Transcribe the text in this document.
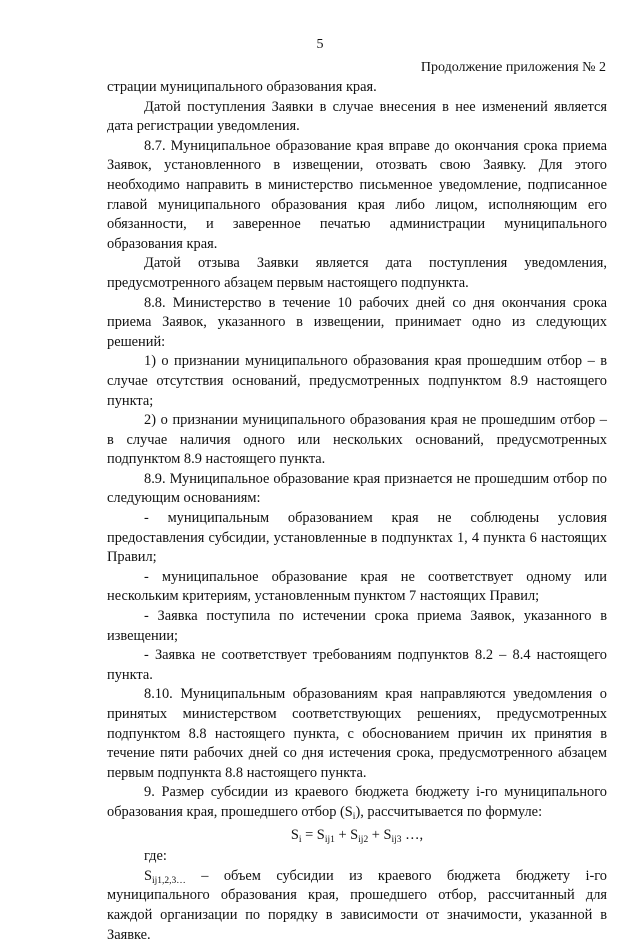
5
Продолжение приложения № 2

страции муниципального образования края.

Датой поступления Заявки в случае внесения в нее изменений является дата регистрации уведомления.

8.7. Муниципальное образование края вправе до окончания срока приема Заявок, установленного в извещении, отозвать свою Заявку. Для этого необходимо направить в министерство письменное уведомление, подписанное главой муниципального образования края либо лицом, исполняющим его обязанности, и заверенное печатью администрации муниципального образования края.

Датой отзыва Заявки является дата поступления уведомления, предусмотренного абзацем первым настоящего подпункта.

8.8. Министерство в течение 10 рабочих дней со дня окончания срока приема Заявок, указанного в извещении, принимает одно из следующих решений:

1) о признании муниципального образования края прошедшим отбор – в случае отсутствия оснований, предусмотренных подпунктом 8.9 настоящего пункта;

2) о признании муниципального образования края не прошедшим отбор – в случае наличия одного или нескольких оснований, предусмотренных подпунктом 8.9 настоящего пункта.

8.9. Муниципальное образование края признается не прошедшим отбор по следующим основаниям:

- муниципальным образованием края не соблюдены условия предоставления субсидии, установленные в подпунктах 1, 4 пункта 6 настоящих Правил;

- муниципальное образование края не соответствует одному или нескольким критериям, установленным пунктом 7 настоящих Правил;

- Заявка поступила по истечении срока приема Заявок, указанного в извещении;

- Заявка не соответствует требованиям подпунктов 8.2 – 8.4 настоящего пункта.

8.10. Муниципальным образованиям края направляются уведомления о принятых министерством соответствующих решениях, предусмотренных подпунктом 8.8 настоящего пункта, с обоснованием причин их принятия в течение пяти рабочих дней со дня истечения срока, предусмотренного абзацем первым подпункта 8.8 настоящего пункта.

9. Размер субсидии из краевого бюджета бюджету i-го муниципального образования края, прошедшего отбор $(S_i)$, рассчитывается по формуле:

$S_i = S_{ij1} + S_{ij2} + S_{ij3}$ …,

где:

$S_{ij1,2,3\dots}$ – объем субсидии из краевого бюджета бюджету i-го муниципального образования края, прошедшего отбор, рассчитанный для каждой организации по порядку в зависимости от значимости, указанной в Заявке.
